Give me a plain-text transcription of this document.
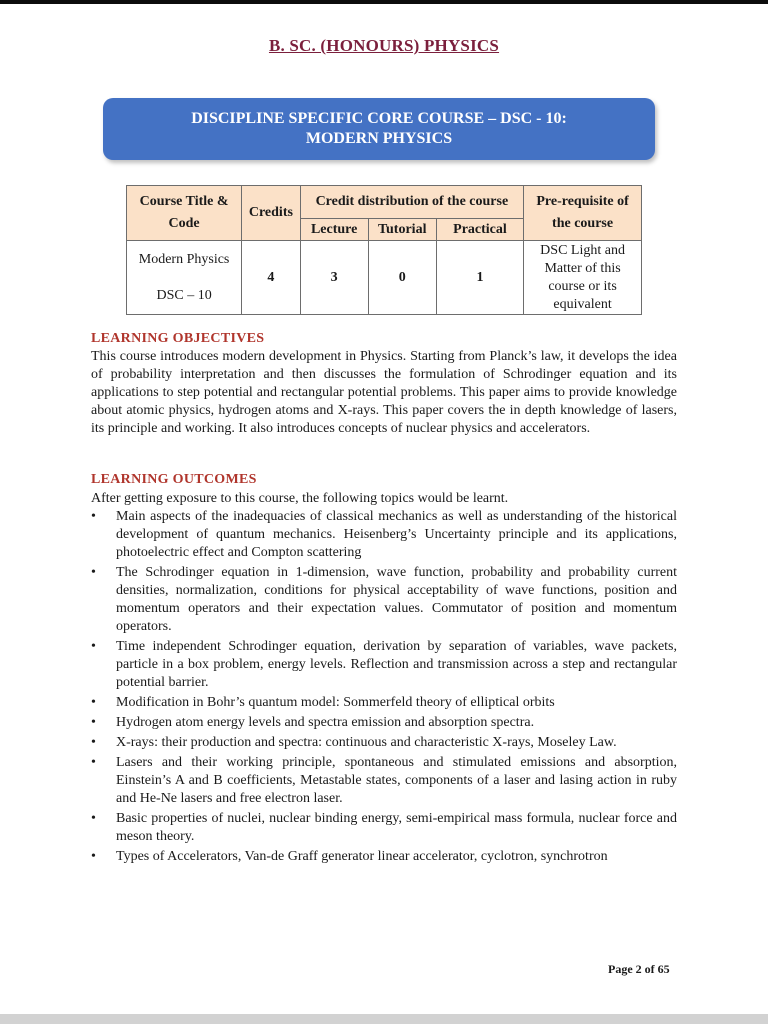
B. SC. (HONOURS) PHYSICS
DISCIPLINE SPECIFIC CORE COURSE – DSC - 10:
MODERN PHYSICS
Course Title & Code	Credits	Credit distribution of the course			Pre-requisite of the course
		Lecture	Tutorial	Practical	

Modern Physics
DSC – 10	4	3	0	1	DSC Light and Matter of this course or its equivalent
LEARNING OBJECTIVES
This course introduces modern development in Physics. Starting from Planck’s law, it develops the idea of probability interpretation and then discusses the formulation of Schrodinger equation and its applications to step potential and rectangular potential problems. This paper aims to provide knowledge about atomic physics, hydrogen atoms and X-rays. This paper covers the in depth knowledge of lasers, its principle and working. It also introduces concepts of nuclear physics and accelerators.
LEARNING OUTCOMES
After getting exposure to this course, the following topics would be learnt.
• Main aspects of the inadequacies of classical mechanics as well as understanding of the historical development of quantum mechanics. Heisenberg’s Uncertainty principle and its applications, photoelectric effect and Compton scattering
• The Schrodinger equation in 1-dimension, wave function, probability and probability current densities, normalization, conditions for physical acceptability of wave functions, position and momentum operators and their expectation values. Commutator of position and momentum operators.
• Time independent Schrodinger equation, derivation by separation of variables, wave packets, particle in a box problem, energy levels. Reflection and transmission across a step and rectangular potential barrier.
• Modification in Bohr’s quantum model: Sommerfeld theory of elliptical orbits
• Hydrogen atom energy levels and spectra emission and absorption spectra.
• X-rays: their production and spectra: continuous and characteristic X-rays, Moseley Law.
• Lasers and their working principle, spontaneous and stimulated emissions and absorption, Einstein’s A and B coefficients, Metastable states, components of a laser and lasing action in ruby and He-Ne lasers and free electron laser.
• Basic properties of nuclei, nuclear binding energy, semi-empirical mass formula, nuclear force and meson theory.
• Types of Accelerators, Van-de Graff generator linear accelerator, cyclotron, synchrotron
Page 2 of 65
